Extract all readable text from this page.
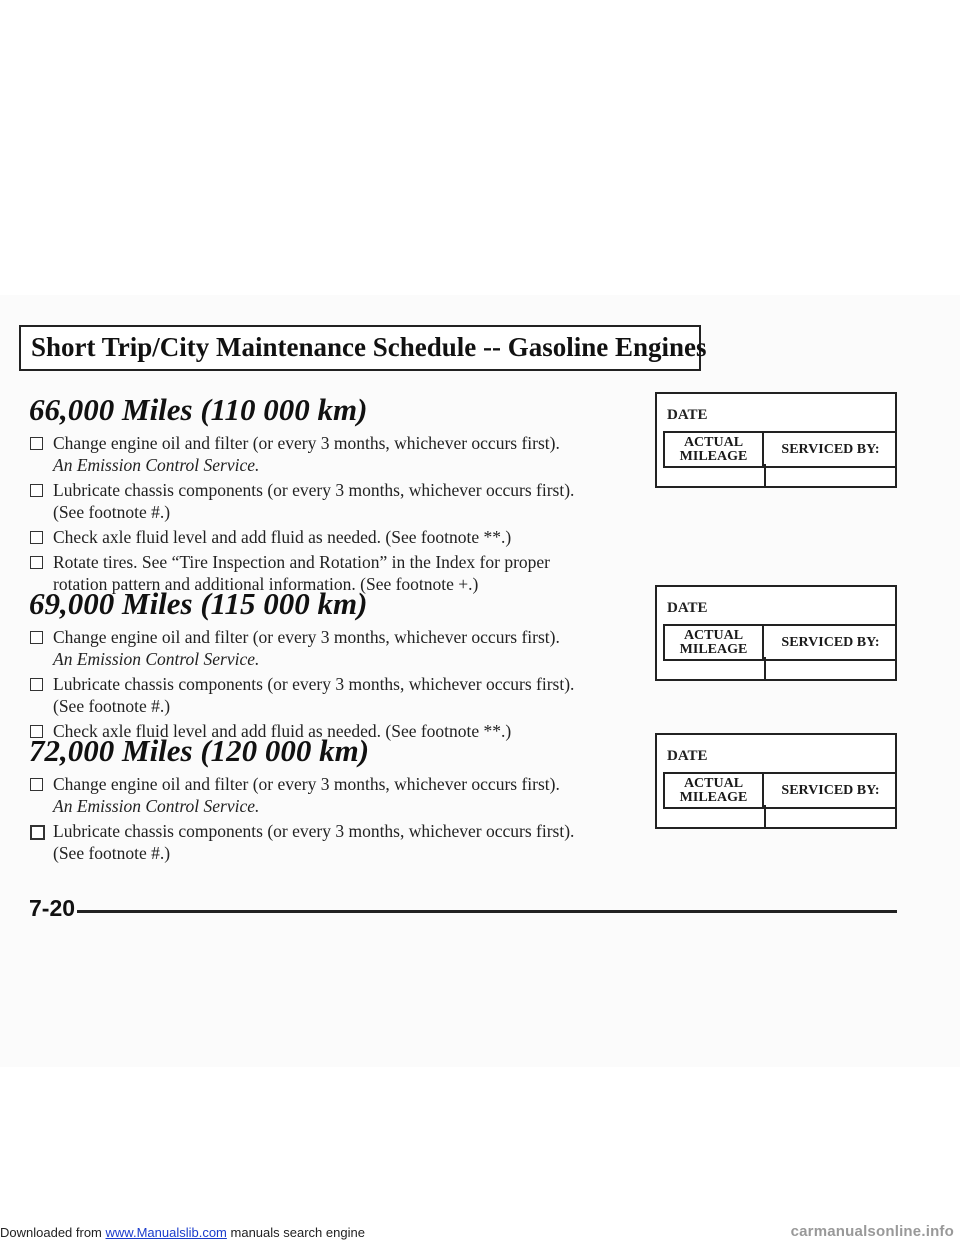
Short Trip/City Maintenance Schedule -- Gasoline Engines
66,000 Miles (110 000 km)
Change engine oil and filter (or every 3 months, whichever occurs first).
An Emission Control Service.
Lubricate chassis components (or every 3 months, whichever occurs first).
(See footnote #.)
Check axle fluid level and add fluid as needed. (See footnote **.)
Rotate tires. See “Tire Inspection and Rotation” in the Index for proper
rotation pattern and additional information. (See footnote +.)
69,000 Miles (115 000 km)
Change engine oil and filter (or every 3 months, whichever occurs first).
An Emission Control Service.
Lubricate chassis components (or every 3 months, whichever occurs first).
(See footnote #.)
Check axle fluid level and add fluid as needed. (See footnote **.)
72,000 Miles (120 000 km)
Change engine oil and filter (or every 3 months, whichever occurs first).
An Emission Control Service.
Lubricate chassis components (or every 3 months, whichever occurs first).
(See footnote #.)
DATE
ACTUAL
MILEAGE	SERVICED BY:
DATE
ACTUAL
MILEAGE	SERVICED BY:
DATE
ACTUAL
MILEAGE	SERVICED BY:
7-20
Downloaded from www.Manualslib.com manuals search engine	carmanualsonline.info
